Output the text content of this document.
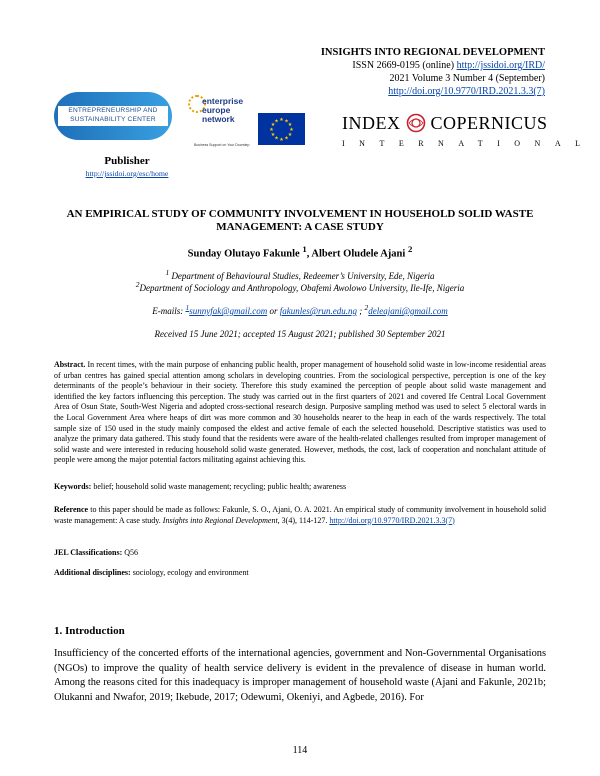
INSIGHTS INTO REGIONAL DEVELOPMENT
ISSN 2669-0195 (online) http://jssidoi.org/IRD/
2021 Volume 3 Number 4 (September)
http://doi.org/10.9770/IRD.2021.3.3(7)
ENTREPRENEURSHIP AND
SUSTAINABILITY CENTER
enterprise
europe
network
Business Support on Your Doorstep
★ ★
★
★
★
★
★
★
★
★
★
★	INDEX COPERNICUS
INTERNATIONAL
Publisher
http://jssidoi.org/esc/home
AN EMPIRICAL STUDY OF COMMUNITY INVOLVEMENT IN HOUSEHOLD SOLID WASTE MANAGEMENT: A CASE STUDY
Sunday Olutayo Fakunle $^1$, Albert Oludele Ajani $^2$
$^1$ Department of Behavioural Studies, Redeemer’s University, Ede, Nigeria
$^2$Department of Sociology and Anthropology, Obafemi Awolowo University, Ile-Ife, Nigeria
E-mails: $^1$sunnyfak@gmail.com or fakunles@run.edu.ng ; $^2$deleajani@gmail.com
Received 15 June 2021; accepted 15 August 2021; published 30 September 2021
Abstract. In recent times, with the main purpose of enhancing public health, proper management of household solid waste in low-income residential areas of urban centres has gained special attention among scholars in developing countries. From the sociological perspective, perception is one of the key determinants of the people’s behaviour in their society. Therefore this study examined the perception of people about solid waste management and identified the key factors influencing this perception. The study was carried out in the first quarters of 2021 and covered Ife Central Local Government Area of Osun State, South-West Nigeria and adopted cross-sectional research design. Purposive sampling method was used to select 5 electoral wards in the Local Government Area where heaps of dirt was more common and 30 households nearer to the heap in each of the wards respectively. The total sample size of 150 used in the study mainly composed the eldest and active female of each the selected household. Descriptive statistics was used to analyze the primary data gathered. This study found that the residents were aware of the health-related challenges resulted from improper management of solid waste and were interested in reducing household solid waste generated. However, methods, the cost, lack of cooperation and nonchalant attitude of people were among the major potential factors militating against achieving this.
Keywords: belief; household solid waste management; recycling; public health; awareness
Reference to this paper should be made as follows: Fakunle, S. O., Ajani, O. A. 2021. An empirical study of community involvement in household solid waste management: A case study. Insights into Regional Development, 3(4), 114-127. http://doi.org/10.9770/IRD.2021.3.3(7)
JEL Classifications: Q56
Additional disciplines: sociology, ecology and environment
1. Introduction
Insufficiency of the concerted efforts of the international agencies, government and Non-Governmental Organisations (NGOs) to improve the quality of health service delivery is evident in the prevalence of disease in human world. Among the reasons cited for this inadequacy is improper management of household waste (Ajani and Fakunle, 2021b; Olukanni and Nwafor, 2019; Ikebude, 2017; Odewumi, Okeniyi, and Agbede, 2016). For
114
